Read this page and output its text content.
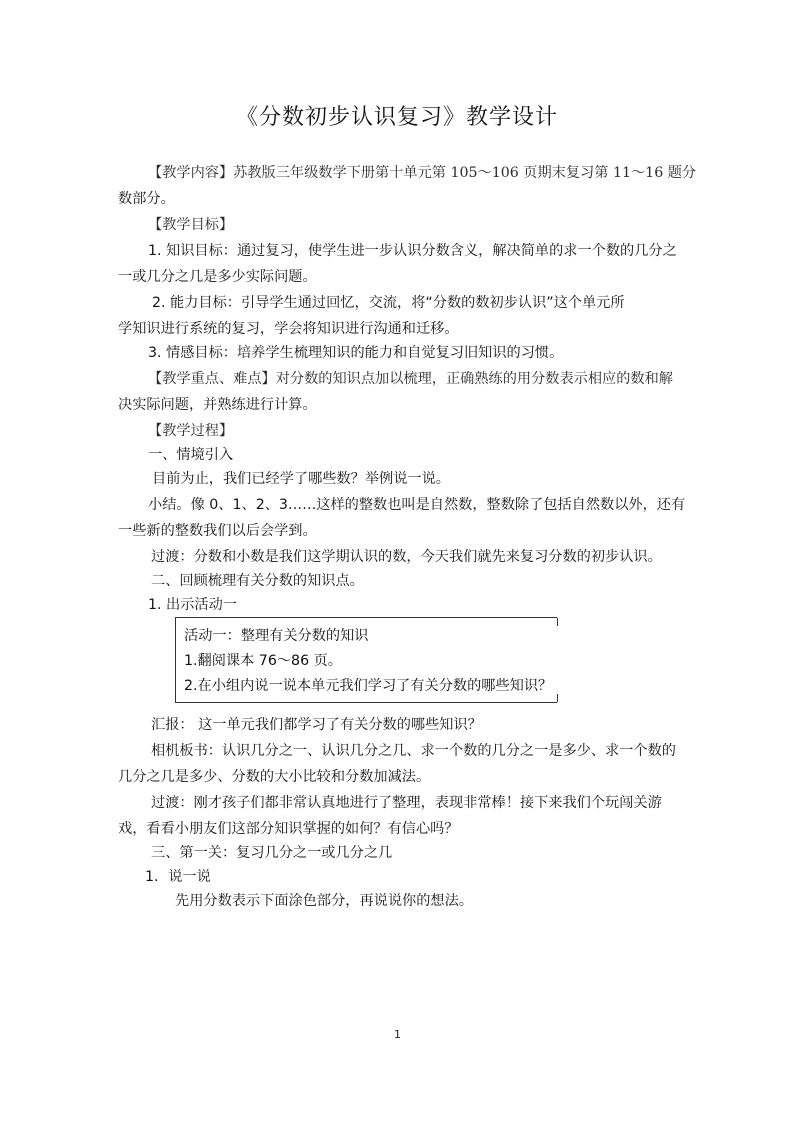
《分数初步认识复习》教学设计
【教学内容】苏教版三年级数学下册第十单元第 105～106 页期末复习第 11～16 题分
数部分。
【教学目标】
1. 知识目标：通过复习，使学生进一步认识分数含义，解决简单的求一个数的几分之
一或几分之几是多少实际问题。
2. 能力目标：引导学生通过回忆，交流，将“分数的数初步认识”这个单元所
学知识进行系统的复习，学会将知识进行沟通和迁移。
3. 情感目标：培养学生梳理知识的能力和自觉复习旧知识的习惯。
【教学重点、难点】对分数的知识点加以梳理，正确熟练的用分数表示相应的数和解
决实际问题，并熟练进行计算。
【教学过程】
一、情境引入
目前为止，我们已经学了哪些数？举例说一说。
小结。像 0、1、2、3……这样的整数也叫是自然数，整数除了包括自然数以外，还有
一些新的整数我们以后会学到。
过渡：分数和小数是我们这学期认识的数，今天我们就先来复习分数的初步认识。
二、回顾梳理有关分数的知识点。
1. 出示活动一
活动一：整理有关分数的知识
1.翻阅课本 76～86 页。
2.在小组内说一说本单元我们学习了有关分数的哪些知识？
汇报： 这一单元我们都学习了有关分数的哪些知识？
相机板书：认识几分之一、认识几分之几、求一个数的几分之一是多少、求一个数的
几分之几是多少、分数的大小比较和分数加减法。
过渡：刚才孩子们都非常认真地进行了整理，表现非常棒！接下来我们个玩闯关游
戏，看看小朋友们这部分知识掌握的如何？有信心吗？
三、第一关：复习几分之一或几分之几
1．说一说
先用分数表示下面涂色部分，再说说你的想法。
1
